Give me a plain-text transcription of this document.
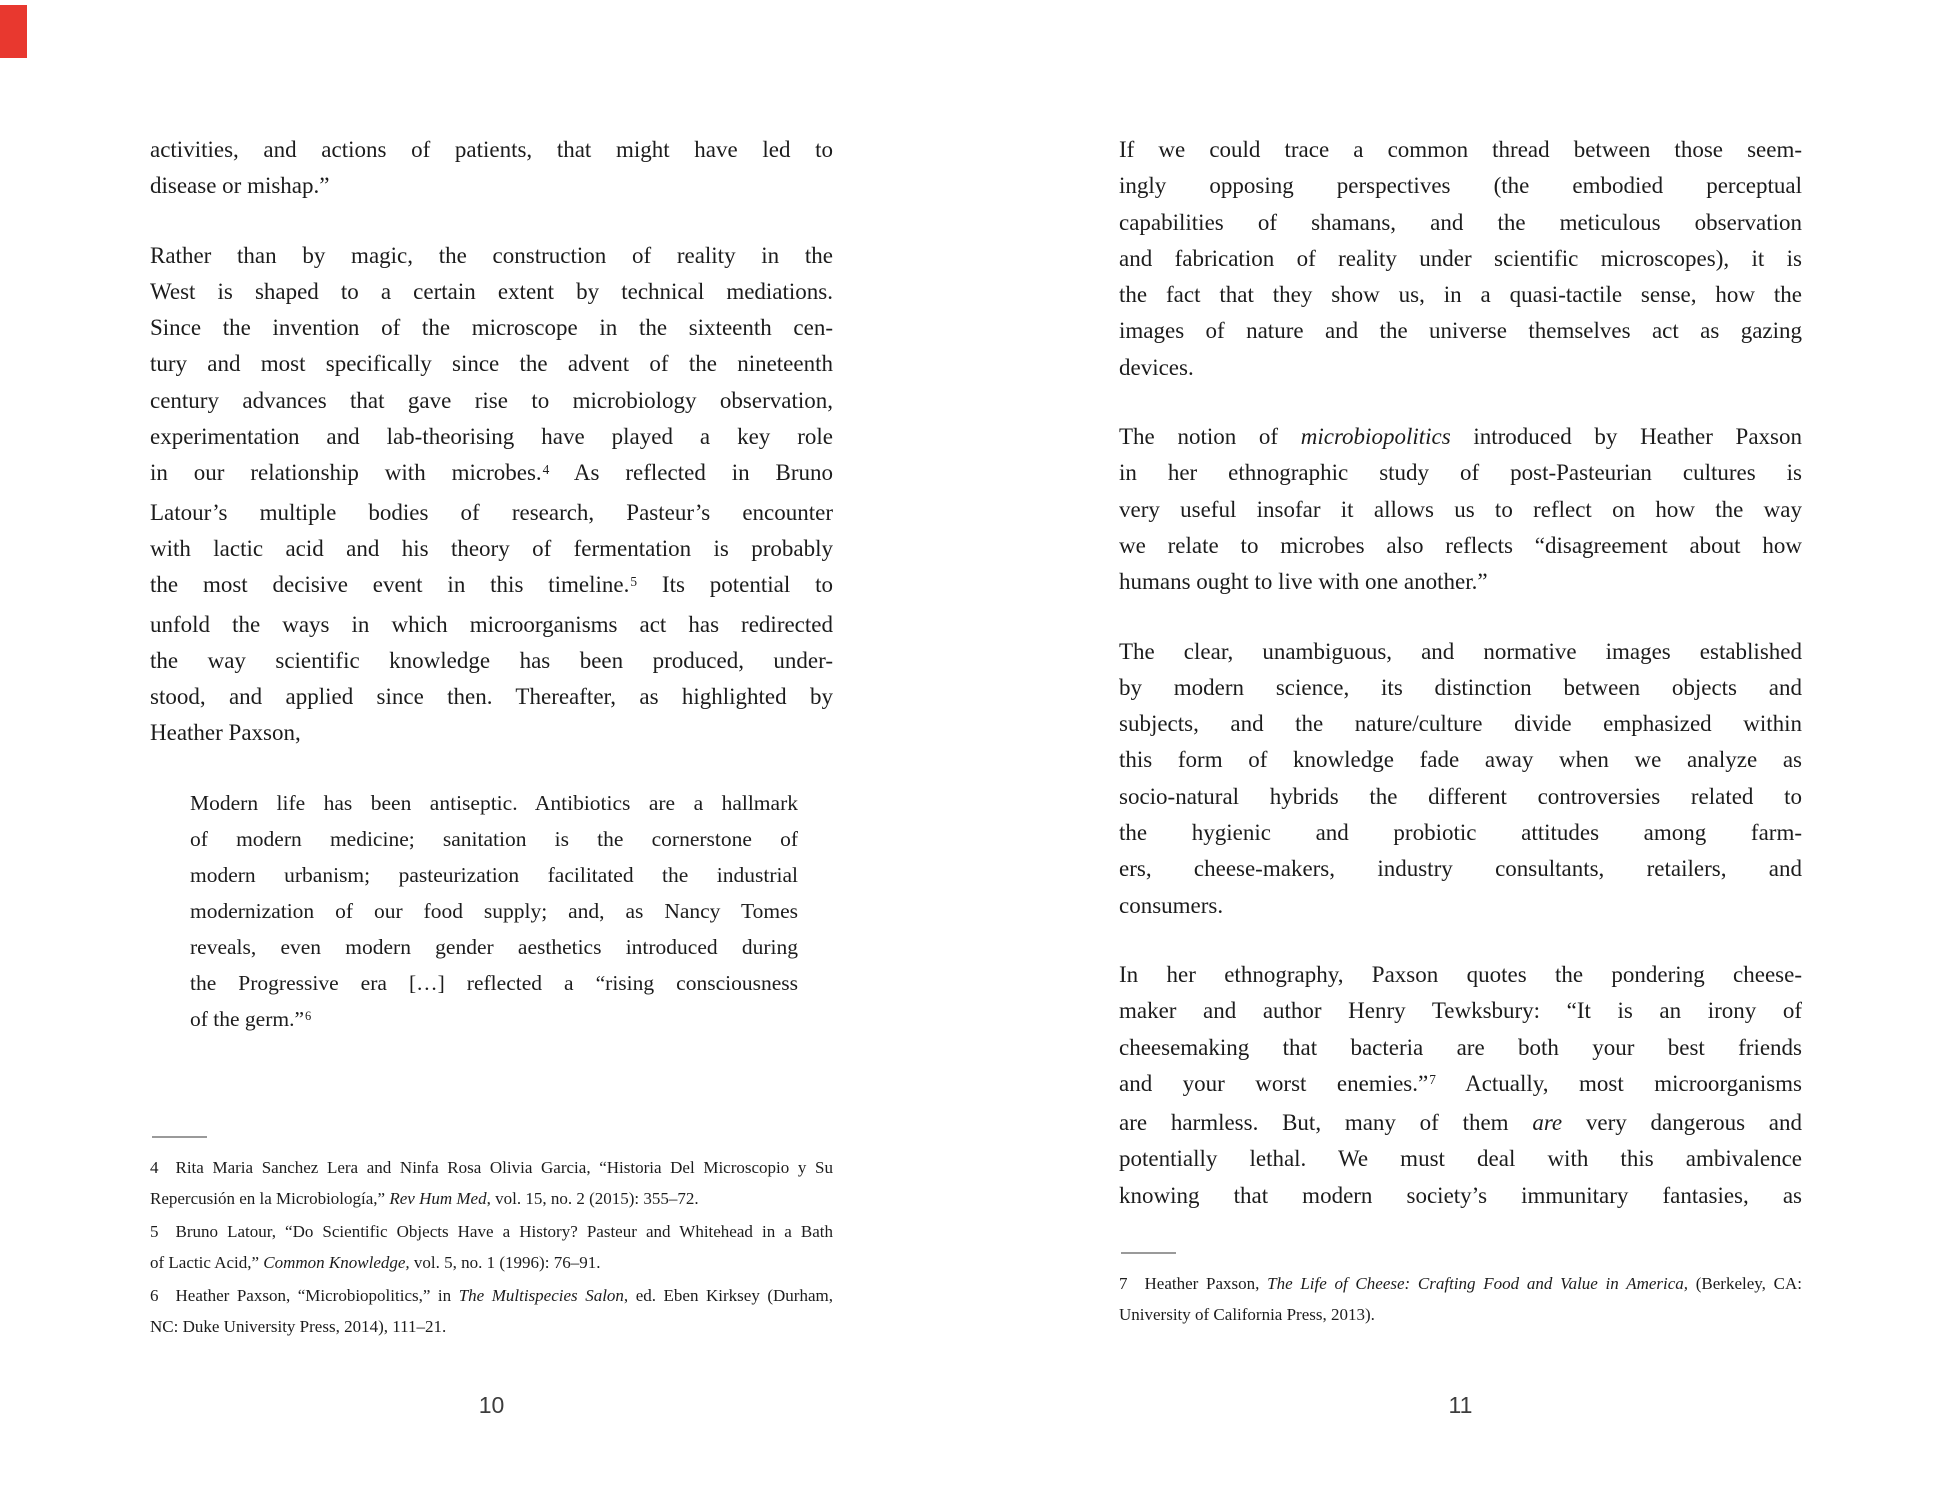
activities, and actions of patients, that might have led to
disease or mishap.”
Rather than by magic, the construction of reality in the
West is shaped to a certain extent by technical mediations.
Since the invention of the microscope in the sixteenth cen-
tury and most specifically since the advent of the nineteenth
century advances that gave rise to microbiology observation,
experimentation and lab-theorising have played a key role
in our relationship with microbes.$^4$ As reflected in Bruno
Latour’s multiple bodies of research, Pasteur’s encounter
with lactic acid and his theory of fermentation is probably
the most decisive event in this timeline.$^5$ Its potential to
unfold the ways in which microorganisms act has redirected
the way scientific knowledge has been produced, under-
stood, and applied since then. Thereafter, as highlighted by
Heather Paxson,
Modern life has been antiseptic. Antibiotics are a hallmark
of modern medicine; sanitation is the cornerstone of
modern urbanism; pasteurization facilitated the industrial
modernization of our food supply; and, as Nancy Tomes
reveals, even modern gender aesthetics introduced during
the Progressive era […] reflected a “rising consciousness
of the germ.”$^6$
4 Rita Maria Sanchez Lera and Ninfa Rosa Olivia Garcia, “Historia Del Microscopio y Su
Repercusión en la Microbiología,” Rev Hum Med, vol. 15, no. 2 (2015): 355–72.
5 Bruno Latour, “Do Scientific Objects Have a History? Pasteur and Whitehead in a Bath
of Lactic Acid,” Common Knowledge, vol. 5, no. 1 (1996): 76–91.
6 Heather Paxson, “Microbiopolitics,” in The Multispecies Salon, ed. Eben Kirksey (Durham,
NC: Duke University Press, 2014), 111–21.
10
If we could trace a common thread between those seem-
ingly opposing perspectives (the embodied perceptual
capabilities of shamans, and the meticulous observation
and fabrication of reality under scientific microscopes), it is
the fact that they show us, in a quasi-tactile sense, how the
images of nature and the universe themselves act as gazing
devices.
The notion of microbiopolitics introduced by Heather Paxson
in her ethnographic study of post-Pasteurian cultures is
very useful insofar it allows us to reflect on how the way
we relate to microbes also reflects “disagreement about how
humans ought to live with one another.”
The clear, unambiguous, and normative images established
by modern science, its distinction between objects and
subjects, and the nature/culture divide emphasized within
this form of knowledge fade away when we analyze as
socio-natural hybrids the different controversies related to
the hygienic and probiotic attitudes among farm-
ers, cheese-makers, industry consultants, retailers, and
consumers.
In her ethnography, Paxson quotes the pondering cheese-
maker and author Henry Tewksbury: “It is an irony of
cheesemaking that bacteria are both your best friends
and your worst enemies.”$^7$ Actually, most microorganisms
are harmless. But, many of them are very dangerous and
potentially lethal. We must deal with this ambivalence
knowing that modern society’s immunitary fantasies, as
7 Heather Paxson, The Life of Cheese: Crafting Food and Value in America, (Berkeley, CA:
University of California Press, 2013).
11
